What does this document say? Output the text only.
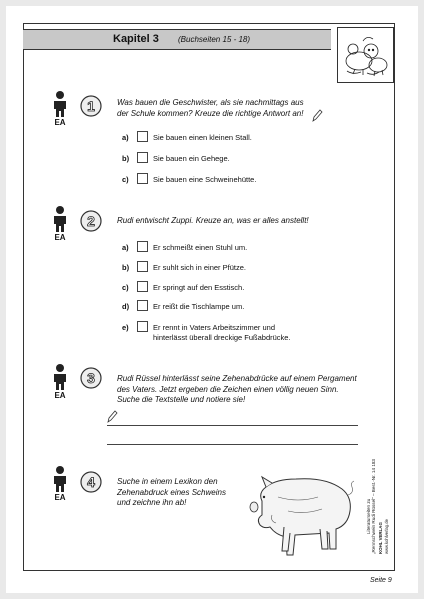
Kapitel 3 (Buchseiten 15 - 18)
EA
1	Was bauen die Geschwister, als sie nachmittags aus
der Schule kommen? Kreuze die richtige Antwort an!
a)	Sie bauen einen kleinen Stall.
b)	Sie bauen ein Gehege.
c)	Sie bauen eine Schweinehütte.
EA
2	Rudi entwischt Zuppi. Kreuze an, was er alles anstellt!
a)	Er schmeißt einen Stuhl um.
b)	Er suhlt sich in einer Pfütze.
c)	Er springt auf den Esstisch.
d)	Er reißt die Tischlampe um.
e)	Er rennt in Vaters Arbeitszimmer und
hinterlässt überall dreckige Fußabdrücke.
EA
3	Rudi Rüssel hinterlässt seine Zehenabdrücke auf einem Pergament
des Vaters. Jetzt ergeben die Zeichen einen völlig neuen Sinn.
Suche die Textstelle und notiere sie!
EA
4	Suche in einem Lexikon den
Zehenabdruck eines Schweins
und zeichne ihn ab!	„Rennschwein Rudi Rüssel“ – Best.-Nr. 14 183
Literaturseiten zu
KOHL VERLAG www.kohlverlag.de
Seite 9
